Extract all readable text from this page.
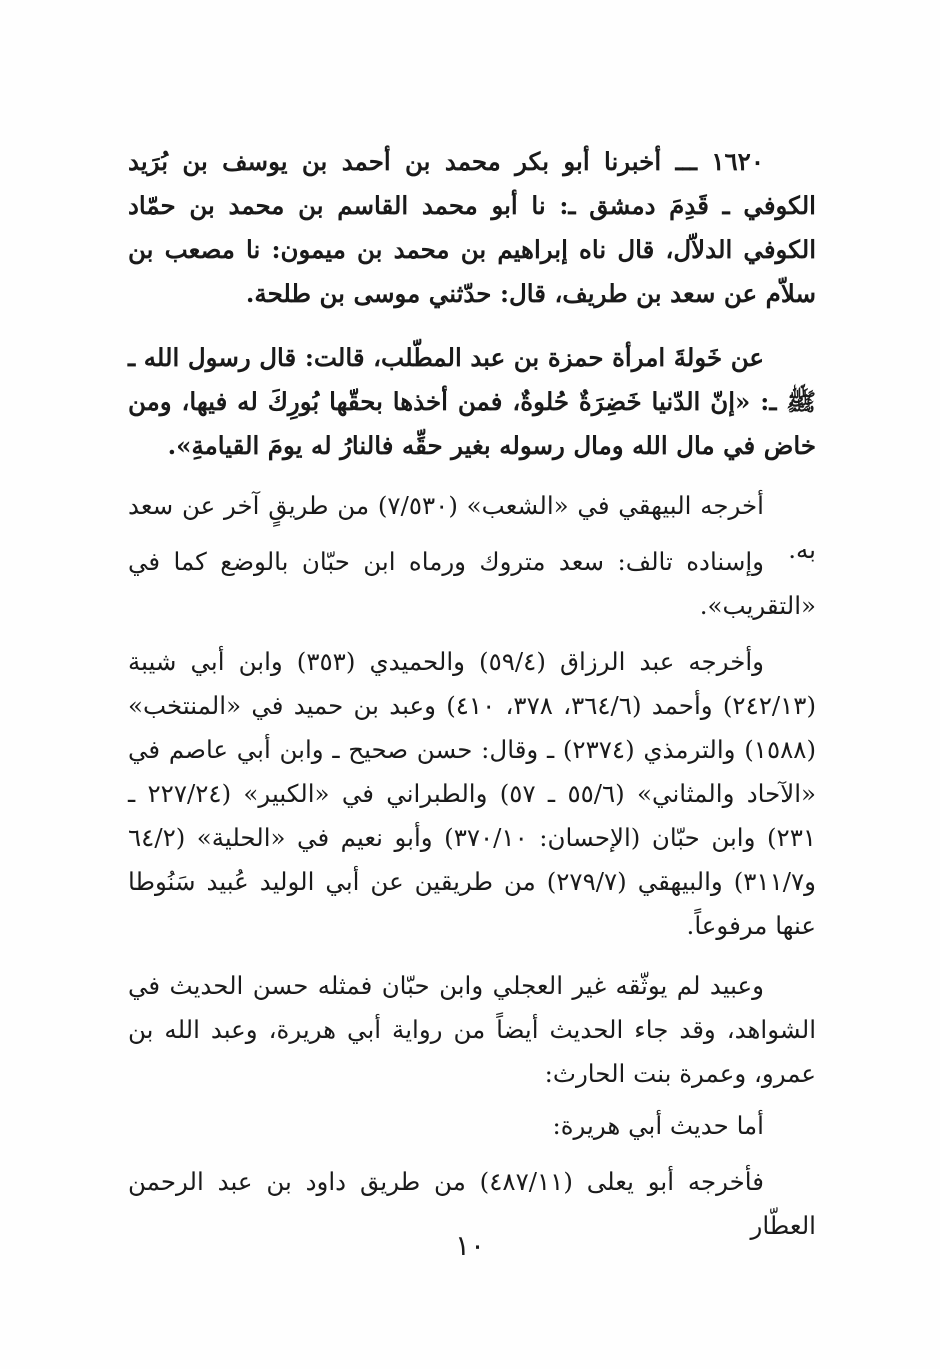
١٦٢٠ ـــ أخبرنا أبو بكر محمد بن أحمد بن يوسف بن بُرَيد الكوفي ـ قَدِمَ دمشق ـ: نا أبو محمد القاسم بن محمد بن حمّاد الكوفي الدلاّل، قال ناه إبراهيم بن محمد بن ميمون: نا مصعب بن سلاّم عن سعد بن طريف، قال: حدّثني موسى بن طلحة.

عن خَولةَ امرأة حمزة بن عبد المطّلب، قالت: قال رسول الله ـ ﷺ ـ: «إنّ الدّنيا خَضِرَةٌ حُلوةٌ، فمن أخذها بحقّها بُورِكَ له فيها، ومن خاض في مال الله ومال رسوله بغير حقِّه فالنارُ له يومَ القيامةِ».

أخرجه البيهقي في «الشعب» (٧/٥٣٠) من طريقٍ آخر عن سعد به.

وإسناده تالف: سعد متروك ورماه ابن حبّان بالوضع كما في «التقريب».

وأخرجه عبد الرزاق (٥٩/٤) والحميدي (٣٥٣) وابن أبي شيبة (٢٤٢/١٣) وأحمد (٣٦٤/٦، ٣٧٨، ٤١٠) وعبد بن حميد في «المنتخب» (١٥٨٨) والترمذي (٢٣٧٤) ـ وقال: حسن صحيح ـ وابن أبي عاصم في «الآحاد والمثاني» (٥٥/٦ ـ ٥٧) والطبراني في «الكبير» (٢٢٧/٢٤ ـ ٢٣١) وابن حبّان (الإحسان: ٣٧٠/١٠) وأبو نعيم في «الحلية» (٦٤/٢ و٣١١/٧) والبيهقي (٢٧٩/٧) من طريقين عن أبي الوليد عُبيد سَنُوطا عنها مرفوعاً.

وعبيد لم يوثّقه غير العجلي وابن حبّان فمثله حسن الحديث في الشواهد، وقد جاء الحديث أيضاً من رواية أبي هريرة، وعبد الله بن عمرو، وعمرة بنت الحارث:

أما حديث أبي هريرة:

فأخرجه أبو يعلى (٤٨٧/١١) من طريق داود بن عبد الرحمن العطّار

١٠
